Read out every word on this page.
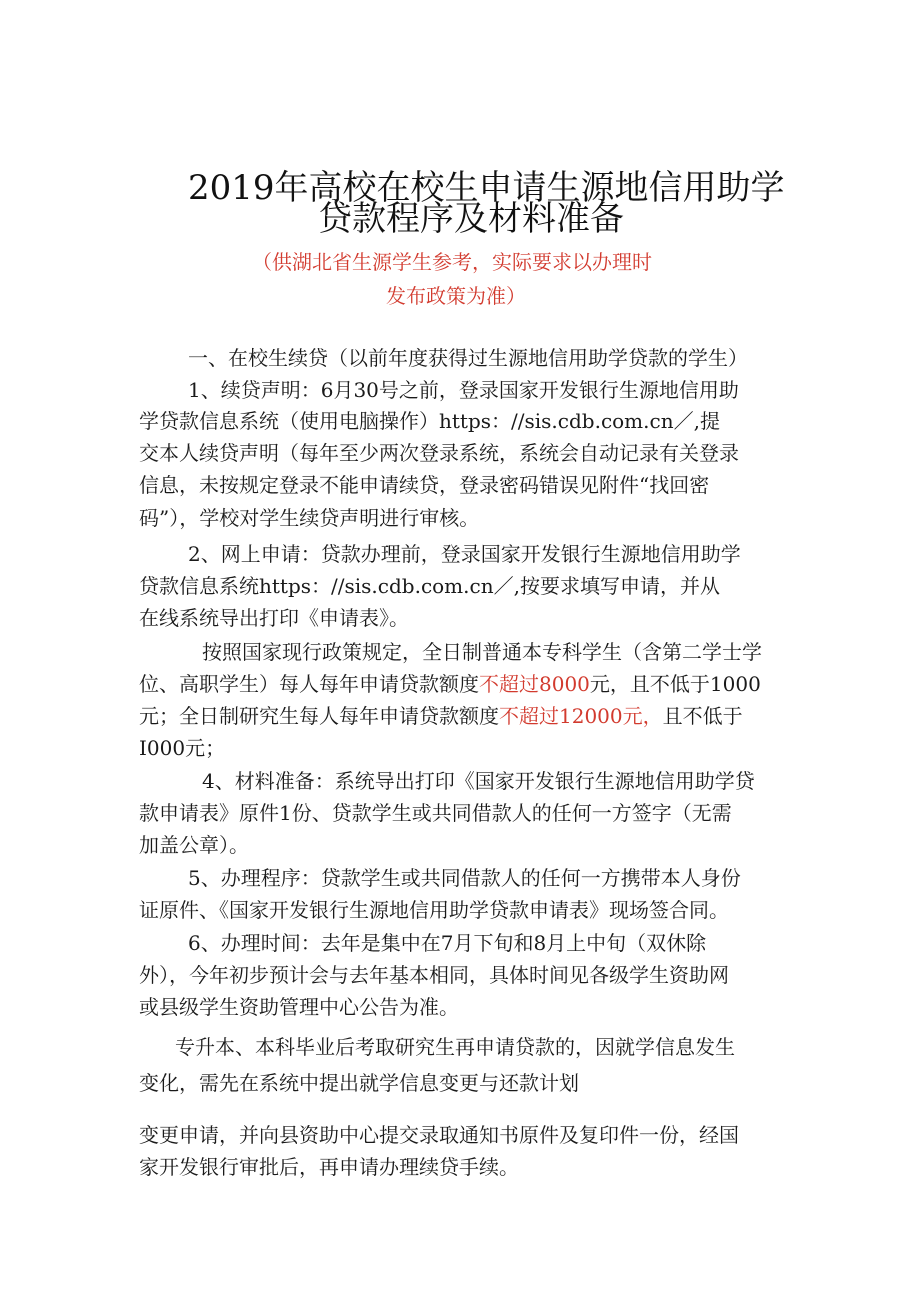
2019年高校在校生申请生源地信用助学
贷款程序及材料准备
（供湖北省生源学生参考，实际要求以办理时
发布政策为准）
一、在校生续贷（以前年度获得过生源地信用助学贷款的学生）
1、续贷声明：6月30号之前，登录国家开发银行生源地信用助
学贷款信息系统（使用电脑操作）https：//sis.cdb.com.cn／,提
交本人续贷声明（每年至少两次登录系统，系统会自动记录有关登录
信息，未按规定登录不能申请续贷，登录密码错误见附件“找回密
码”），学校对学生续贷声明进行审核。
2、网上申请：贷款办理前，登录国家开发银行生源地信用助学
贷款信息系统https：//sis.cdb.com.cn／,按要求填写申请，并从
在线系统导出打印《申请表》。
按照国家现行政策规定，全日制普通本专科学生（含第二学士学
位、高职学生）每人每年申请贷款额度不超过8000元，且不低于1000
元；全日制研究生每人每年申请贷款额度不超过12000元，且不低于
I000元；
4、材料准备：系统导出打印《国家开发银行生源地信用助学贷
款申请表》原件1份、贷款学生或共同借款人的任何一方签字（无需
加盖公章）。
5、办理程序：贷款学生或共同借款人的任何一方携带本人身份
证原件、《国家开发银行生源地信用助学贷款申请表》现场签合同。
6、办理时间：去年是集中在7月下旬和8月上中旬（双休除
外），今年初步预计会与去年基本相同，具体时间见各级学生资助网
或县级学生资助管理中心公告为准。
专升本、本科毕业后考取研究生再申请贷款的，因就学信息发生
变化，需先在系统中提出就学信息变更与还款计划
变更申请，并向县资助中心提交录取通知书原件及复印件一份，经国
家开发银行审批后，再申请办理续贷手续。
